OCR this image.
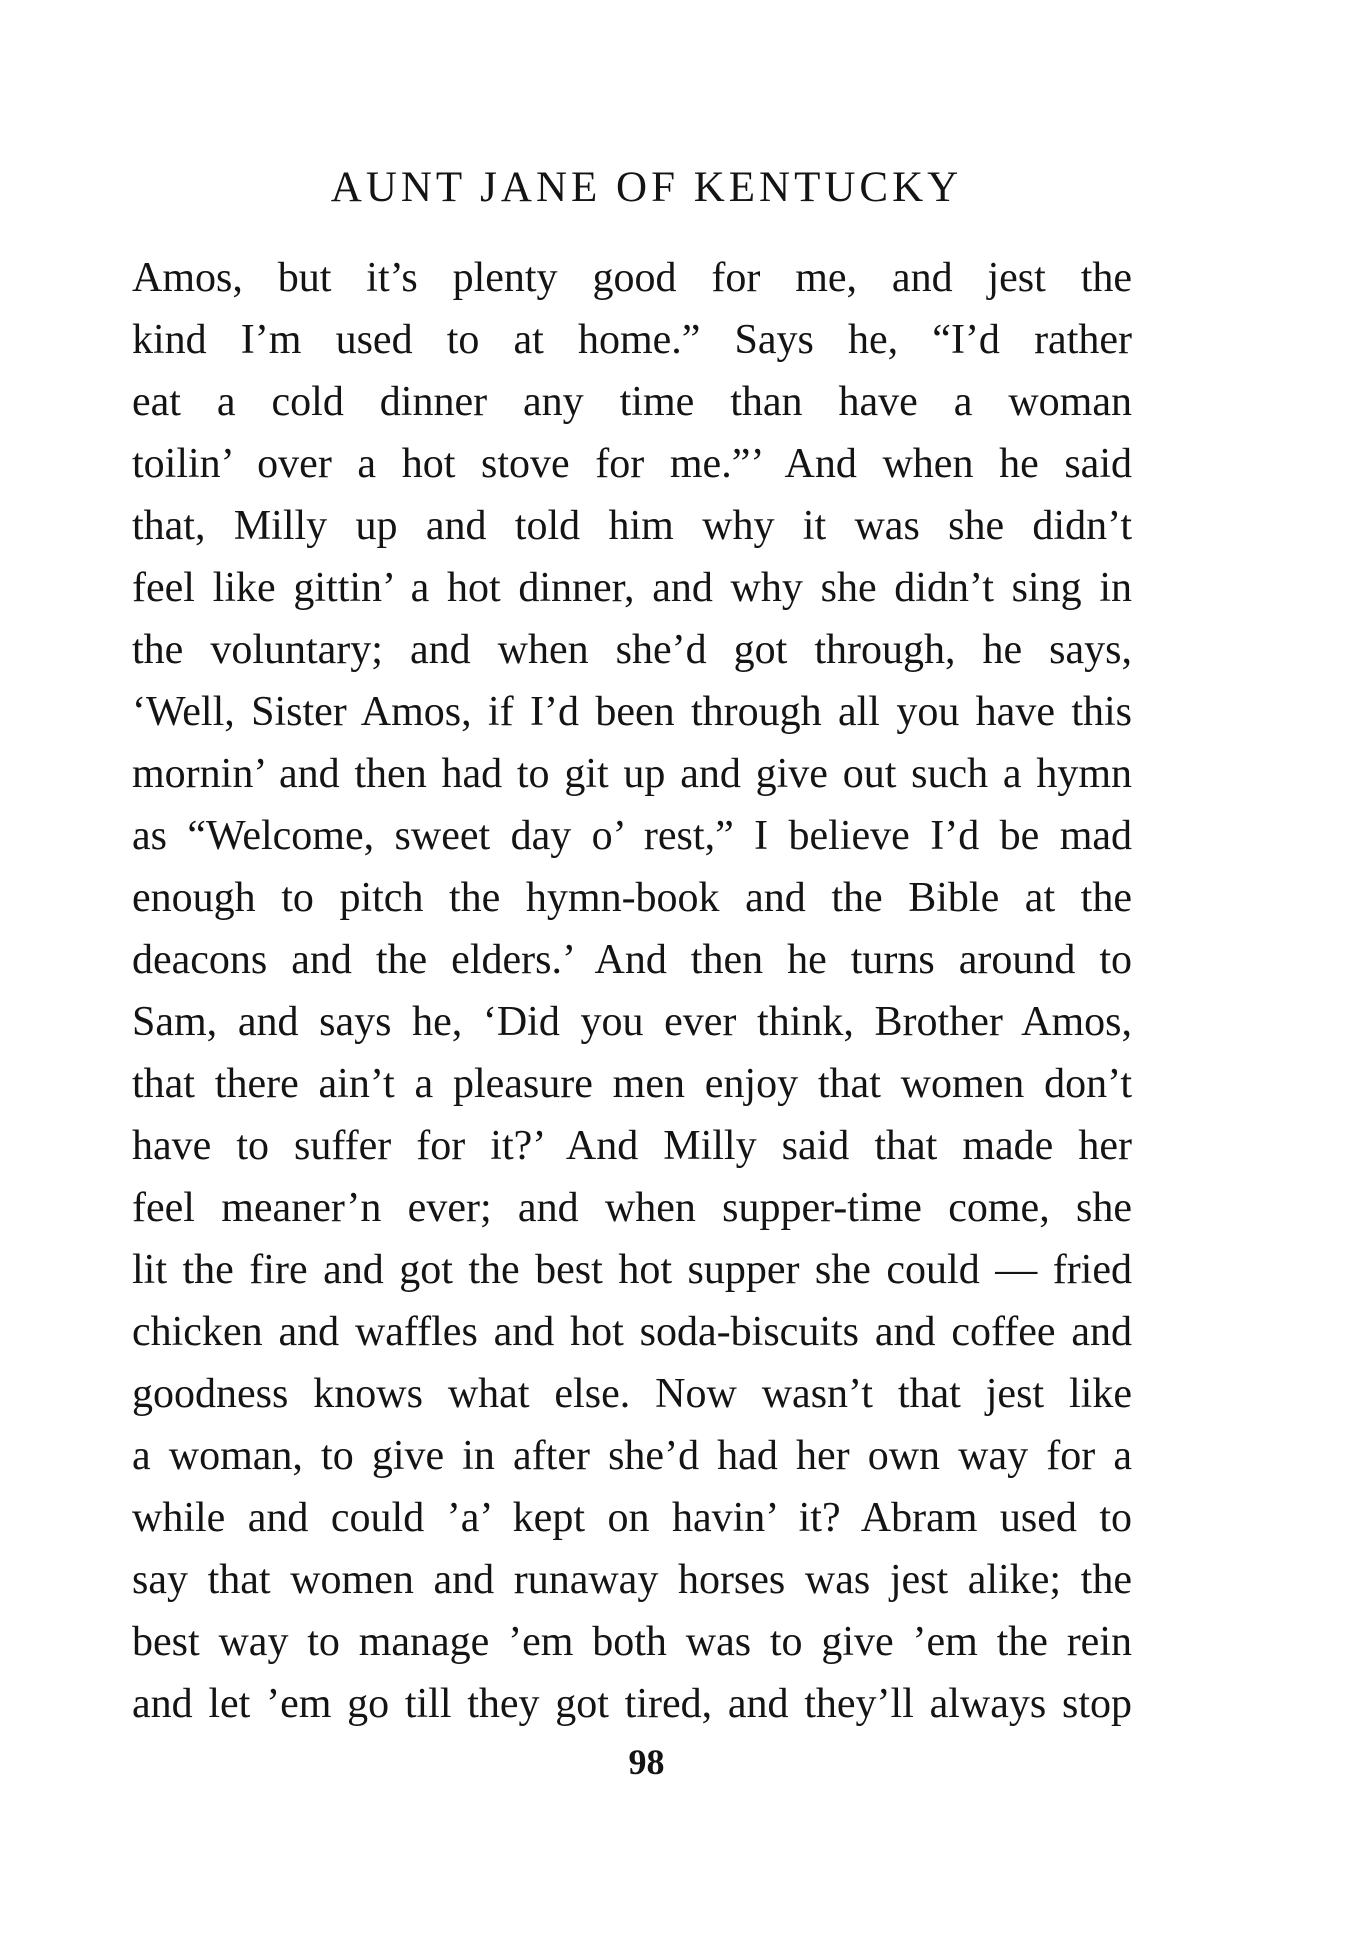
AUNT JANE OF KENTUCKY
Amos, but it’s plenty good for me, and jest the
kind I’m used to at home.” Says he, “I’d rather
eat a cold dinner any time than have a woman
toilin’ over a hot stove for me.”’ And when he said
that, Milly up and told him why it was she didn’t
feel like gittin’ a hot dinner, and why she didn’t sing in
the voluntary; and when she’d got through, he says,
‘Well, Sister Amos, if I’d been through all you have this
mornin’ and then had to git up and give out such a hymn
as “Welcome, sweet day o’ rest,” I believe I’d be mad
enough to pitch the hymn-book and the Bible at the
deacons and the elders.’ And then he turns around to
Sam, and says he, ‘Did you ever think, Brother Amos,
that there ain’t a pleasure men enjoy that women don’t
have to suffer for it?’ And Milly said that made her
feel meaner’n ever; and when supper-time come, she
lit the fire and got the best hot supper she could — fried
chicken and waffles and hot soda-biscuits and coffee and
goodness knows what else. Now wasn’t that jest like
a woman, to give in after she’d had her own way for a
while and could ’a’ kept on havin’ it? Abram used to
say that women and runaway horses was jest alike; the
best way to manage ’em both was to give ’em the rein
and let ’em go till they got tired, and they’ll always stop
98
